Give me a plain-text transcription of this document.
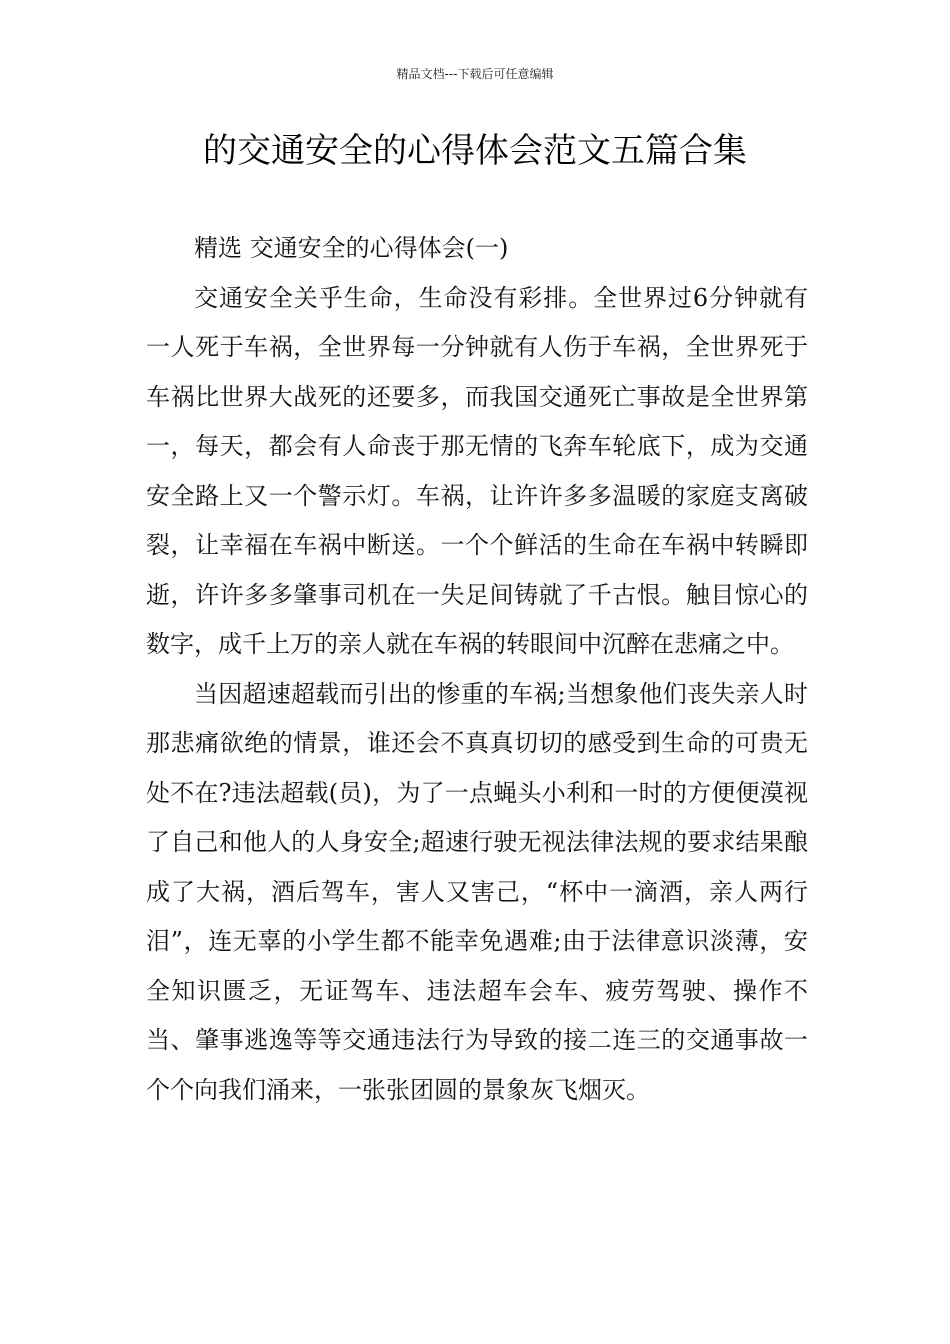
精品文档---下载后可任意编辑
的交通安全的心得体会范文五篇合集

精选 交通安全的心得体会(一)

交通安全关乎生命，生命没有彩排。全世界过6分钟就有一人死于车祸，全世界每一分钟就有人伤于车祸，全世界死于车祸比世界大战死的还要多，而我国交通死亡事故是全世界第一，每天，都会有人命丧于那无情的飞奔车轮底下，成为交通安全路上又一个警示灯。车祸，让许许多多温暖的家庭支离破裂，让幸福在车祸中断送。一个个鲜活的生命在车祸中转瞬即逝，许许多多肇事司机在一失足间铸就了千古恨。触目惊心的数字，成千上万的亲人就在车祸的转眼间中沉醉在悲痛之中。

当因超速超载而引出的惨重的车祸;当想象他们丧失亲人时那悲痛欲绝的情景，谁还会不真真切切的感受到生命的可贵无处不在?违法超载(员)，为了一点蝇头小利和一时的方便便漠视了自己和他人的人身安全;超速行驶无视法律法规的要求结果酿成了大祸，酒后驾车，害人又害己，“杯中一滴酒，亲人两行泪”，连无辜的小学生都不能幸免遇难;由于法律意识淡薄，安全知识匮乏，无证驾车、违法超车会车、疲劳驾驶、操作不当、肇事逃逸等等交通违法行为导致的接二连三的交通事故一个个向我们涌来，一张张团圆的景象灰飞烟灭。
